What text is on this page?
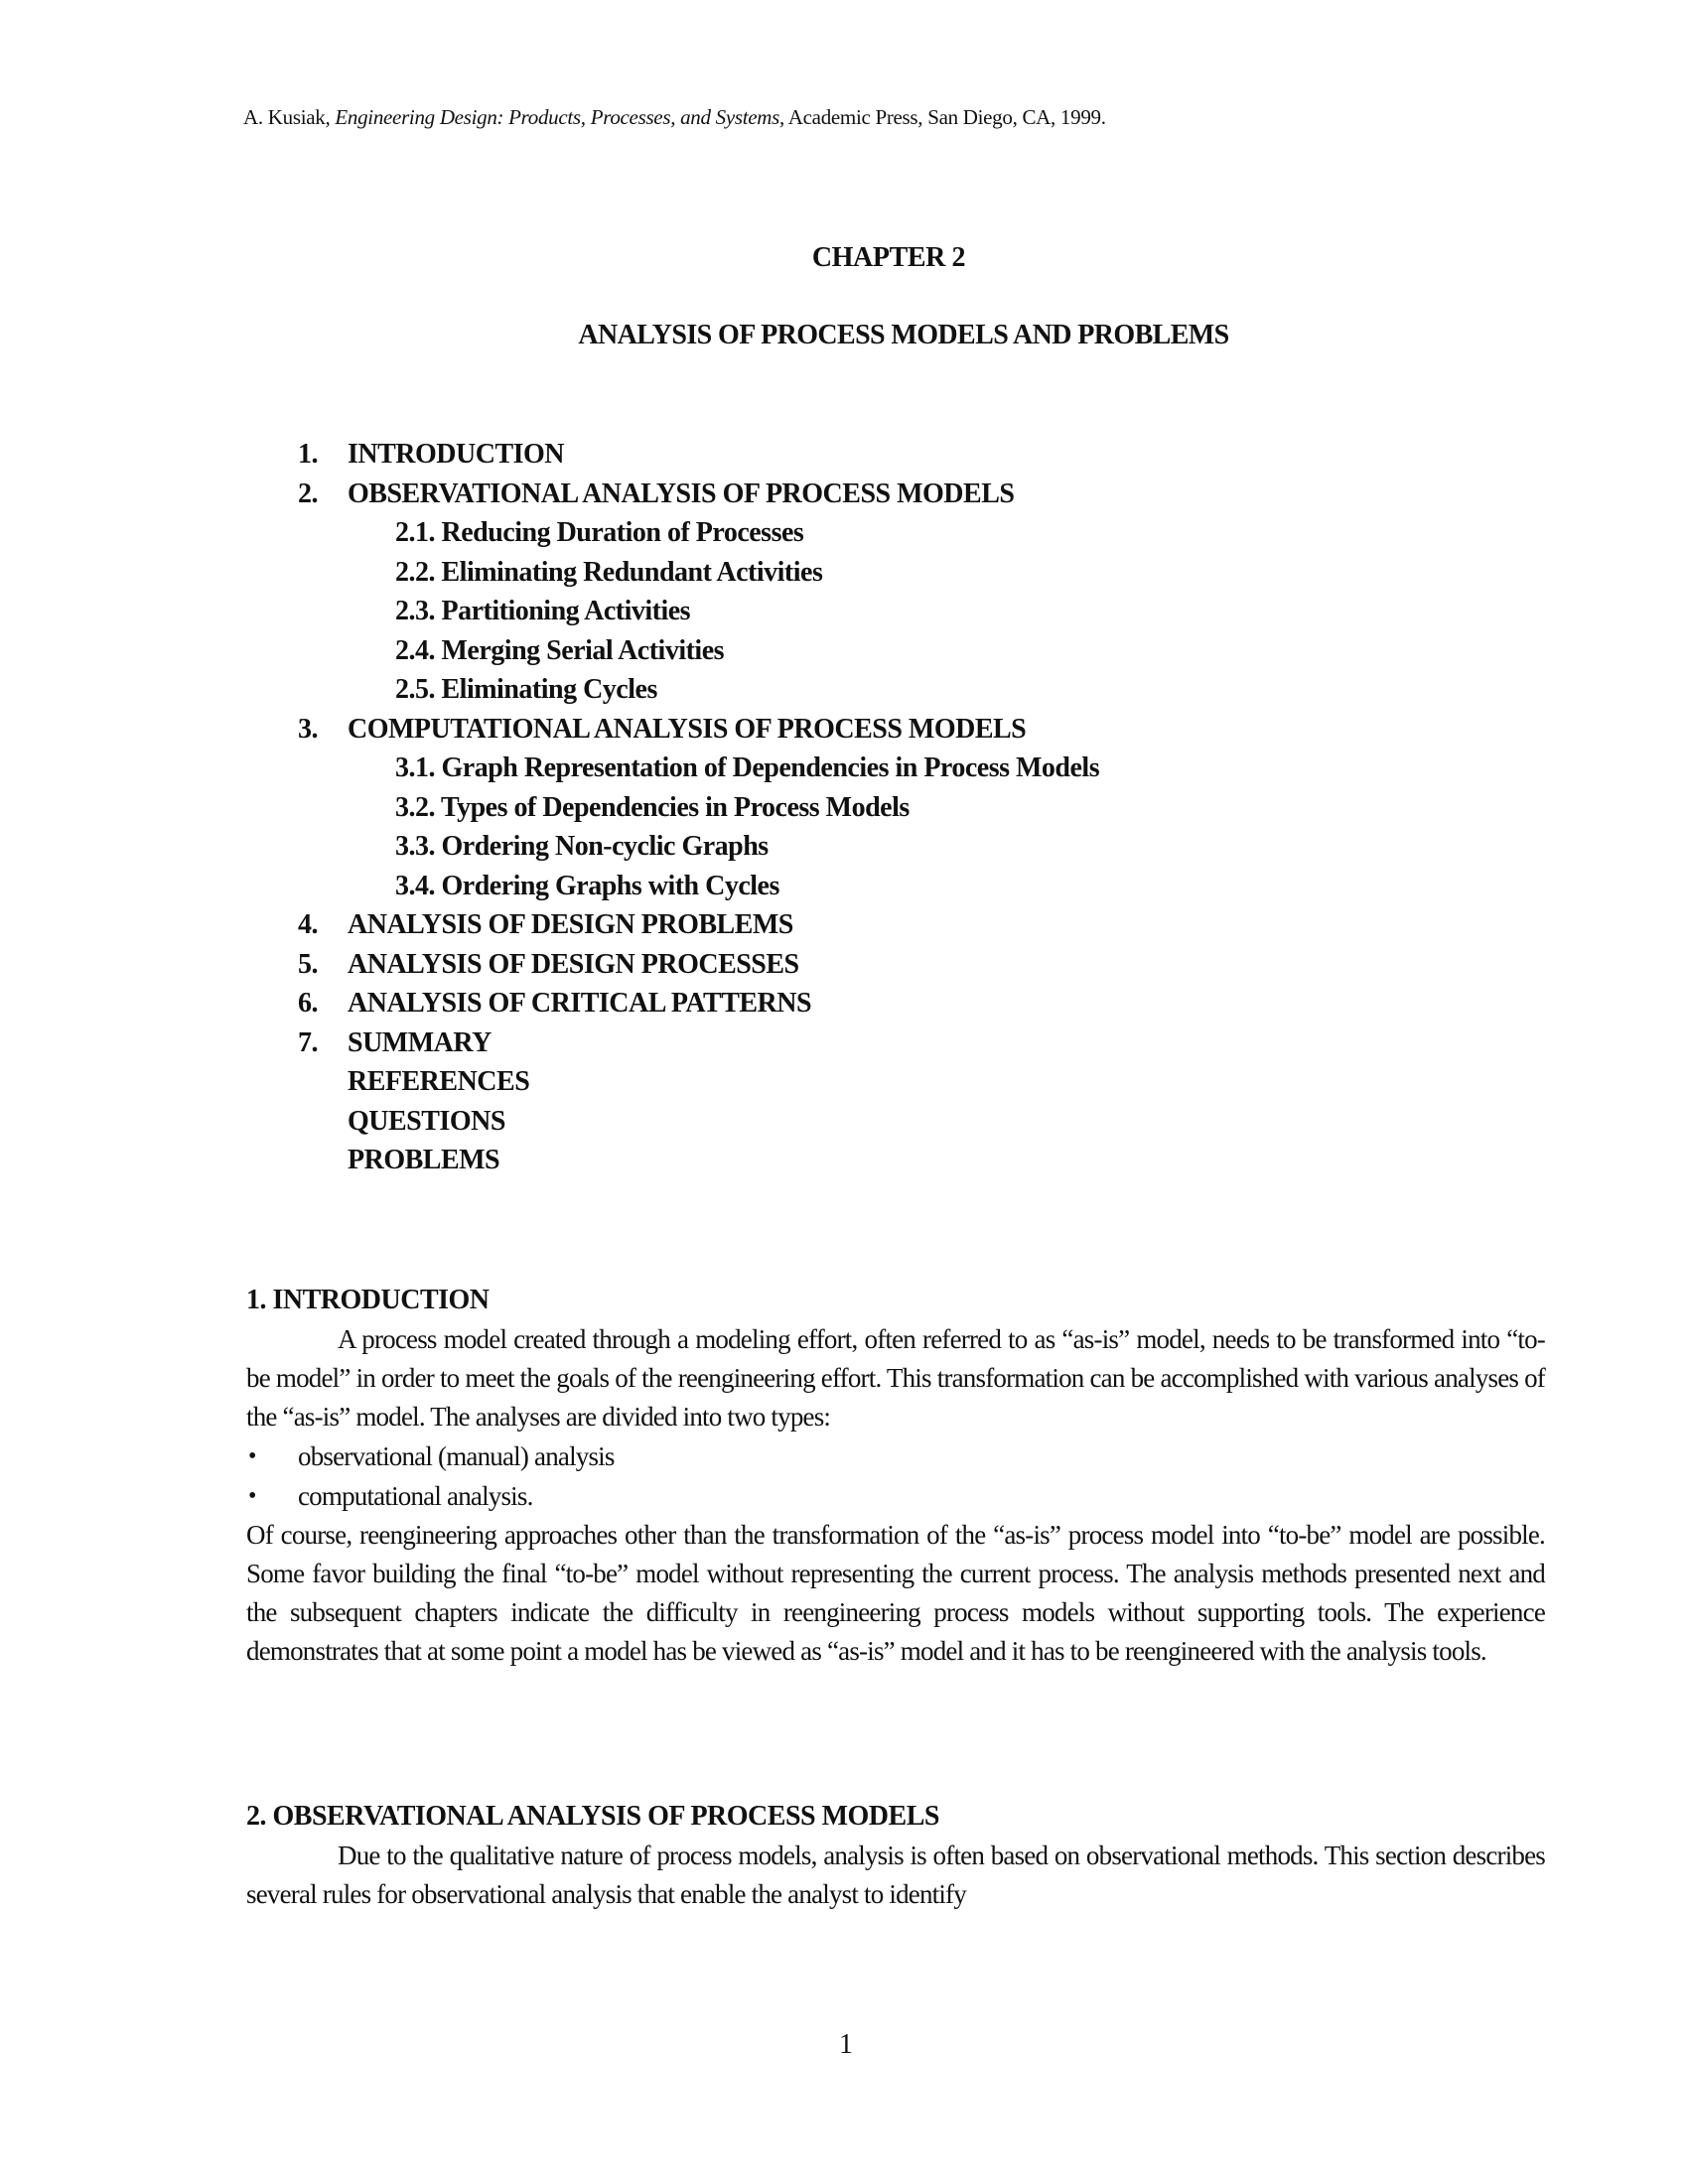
A. Kusiak, Engineering Design: Products, Processes, and Systems, Academic Press, San Diego, CA, 1999.
CHAPTER 2
ANALYSIS OF PROCESS MODELS AND PROBLEMS
1. INTRODUCTION
2. OBSERVATIONAL ANALYSIS OF PROCESS MODELS
2.1. Reducing Duration of Processes
2.2. Eliminating Redundant Activities
2.3. Partitioning Activities
2.4. Merging Serial Activities
2.5. Eliminating Cycles
3. COMPUTATIONAL ANALYSIS OF PROCESS MODELS
3.1. Graph Representation of Dependencies in Process Models
3.2. Types of Dependencies in Process Models
3.3. Ordering Non-cyclic Graphs
3.4. Ordering Graphs with Cycles
4. ANALYSIS OF DESIGN PROBLEMS
5. ANALYSIS OF DESIGN PROCESSES
6. ANALYSIS OF CRITICAL PATTERNS
7. SUMMARY
REFERENCES
QUESTIONS
PROBLEMS
1. INTRODUCTION
A process model created through a modeling effort, often referred to as “as-is” model, needs to be transformed into “to-be model” in order to meet the goals of the reengineering effort. This transformation can be accomplished with various analyses of the “as-is” model. The analyses are divided into two types:
• observational (manual) analysis
• computational analysis.
Of course, reengineering approaches other than the transformation of the “as-is” process model into “to-be” model are possible. Some favor building the final “to-be” model without representing the current process. The analysis methods presented next and the subsequent chapters indicate the difficulty in reengineering process models without supporting tools. The experience demonstrates that at some point a model has be viewed as “as-is” model and it has to be reengineered with the analysis tools.
2. OBSERVATIONAL ANALYSIS OF PROCESS MODELS
Due to the qualitative nature of process models, analysis is often based on observational methods. This section describes several rules for observational analysis that enable the analyst to identify
1
